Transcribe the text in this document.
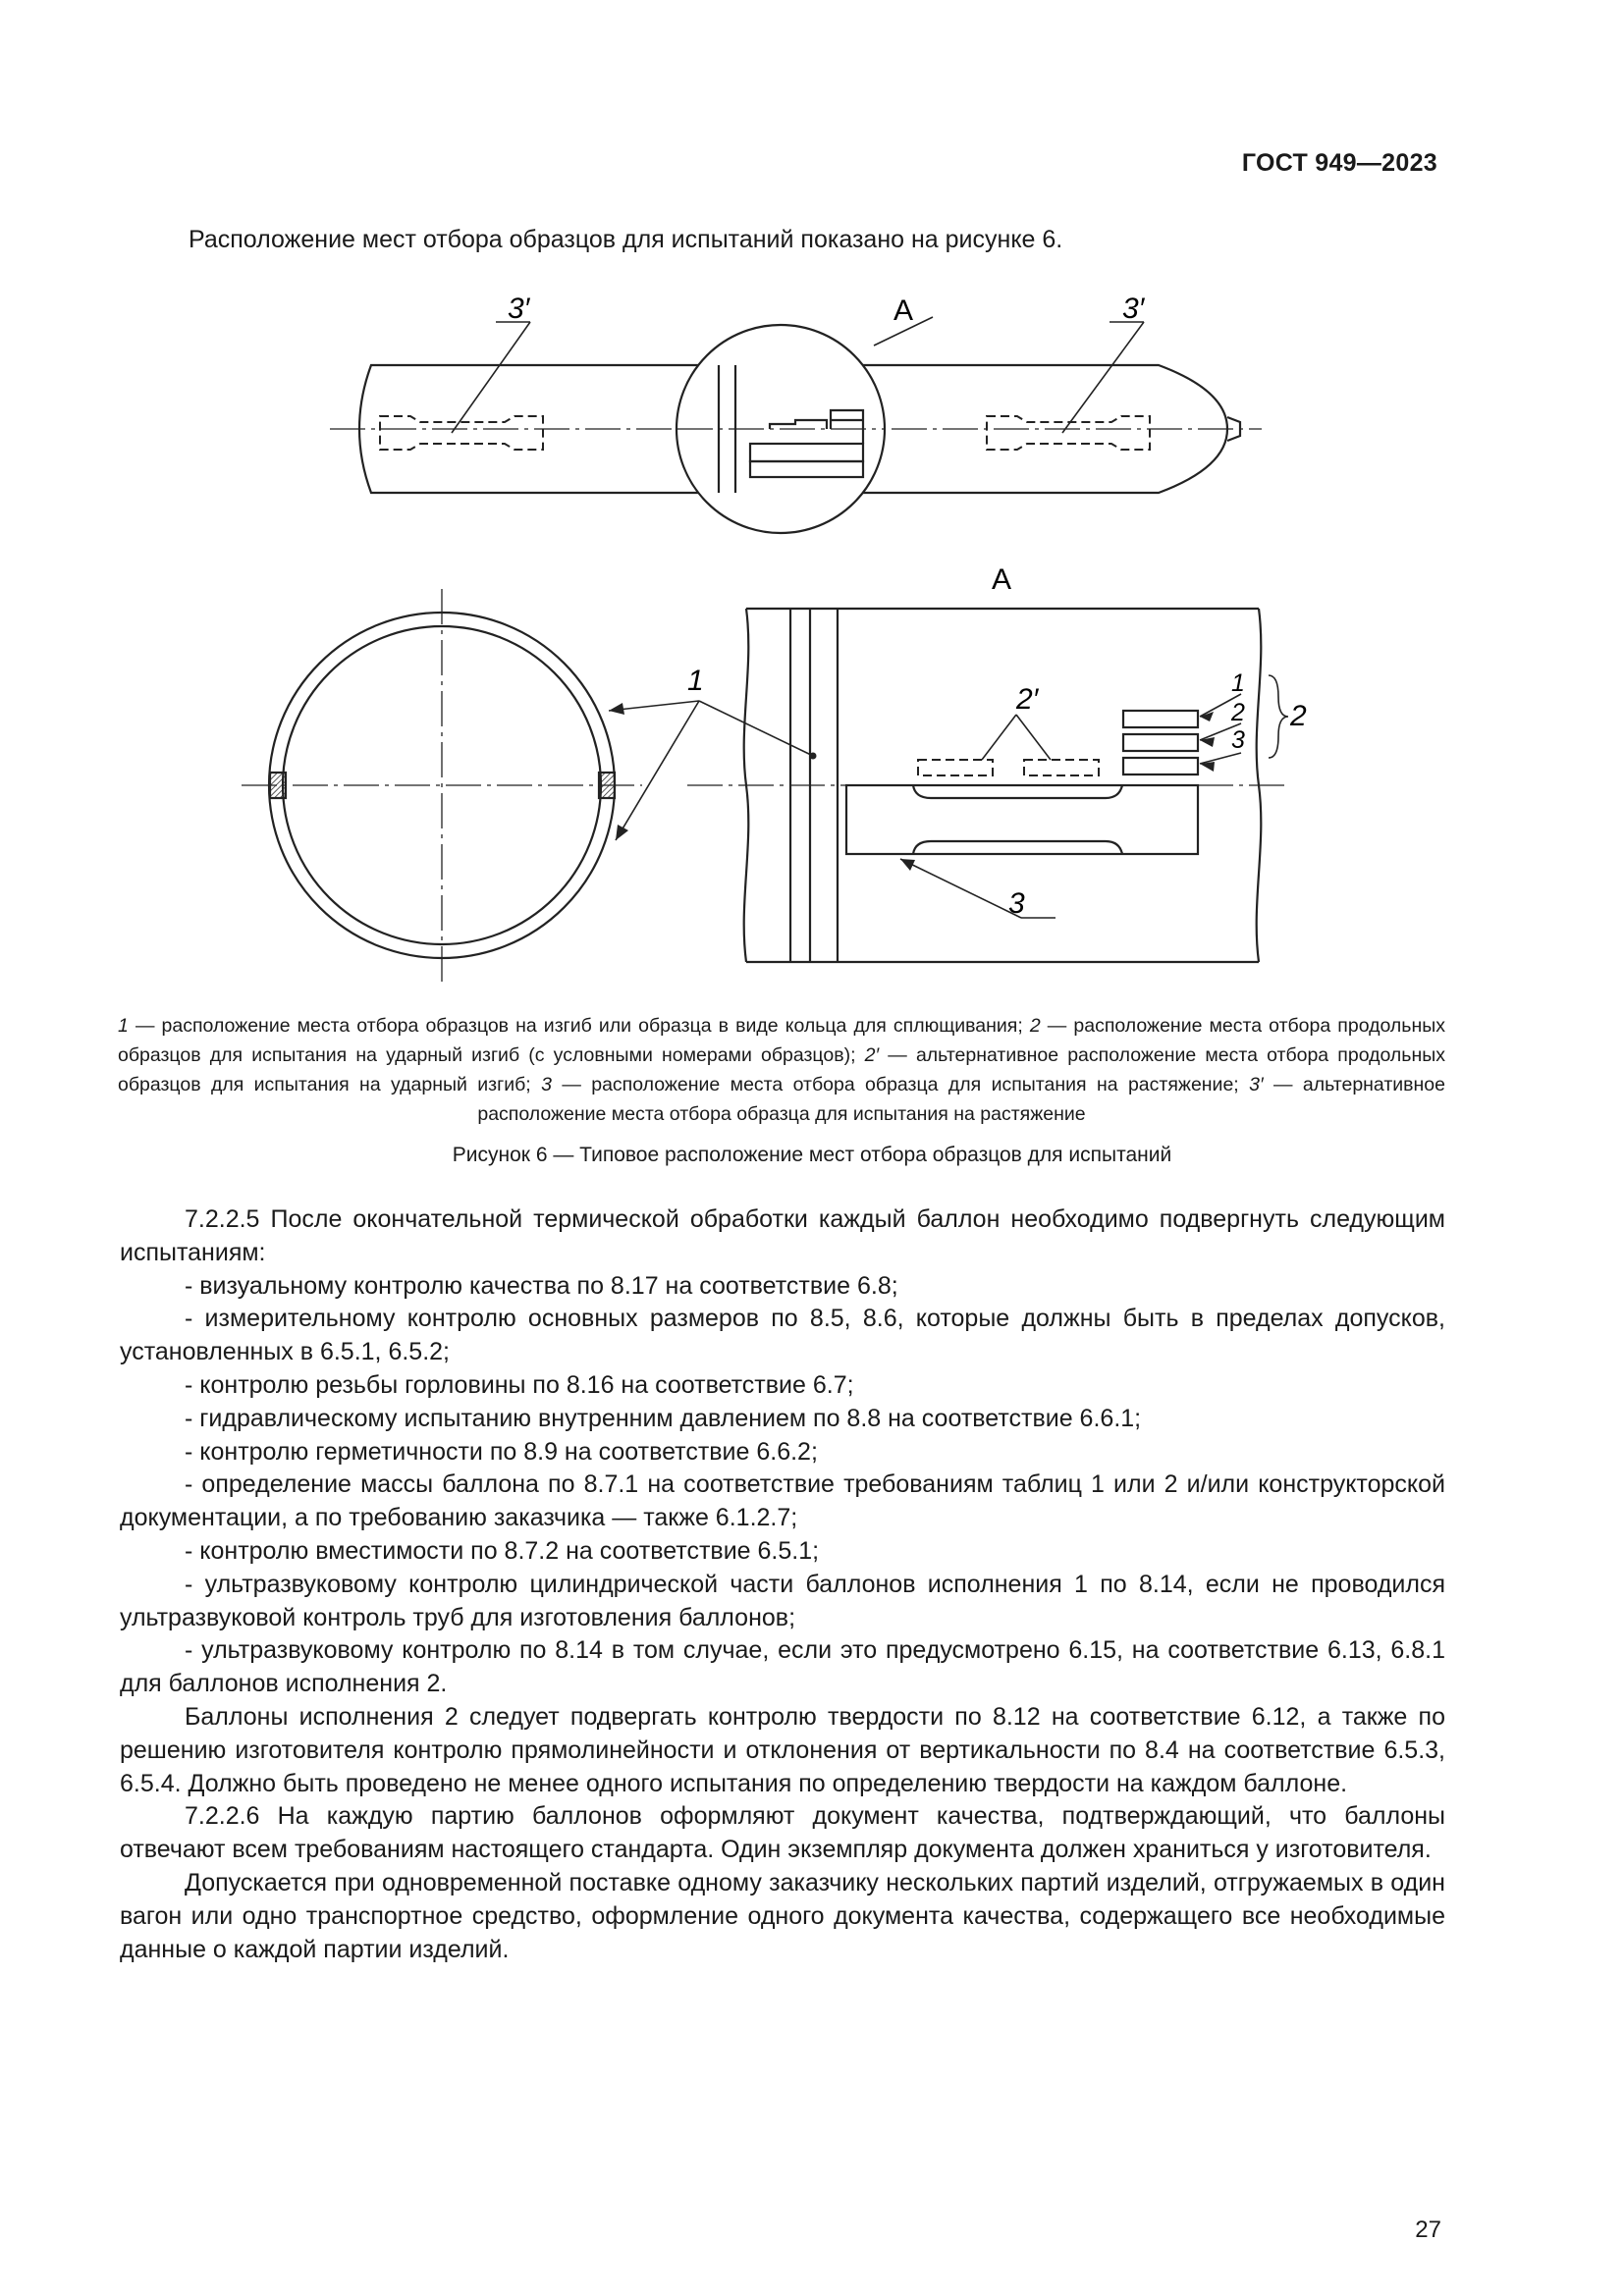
ГОСТ 949—2023
Расположение мест отбора образцов для испытаний показано на рисунке 6.
3′	A	3′
A
1
2′	1
2
3
2
3
1 — расположение места отбора образцов на изгиб или образца в виде кольца для сплющивания; 2 — расположение места отбора продольных образцов для испытания на ударный изгиб (с условными номерами образцов); 2′ — альтернативное расположение места отбора продольных образцов для испытания на ударный изгиб; 3 — расположение места отбора образца для испытания на растяжение; 3′ — альтернативное расположение места отбора образца для испытания на растяжение
Рисунок 6 — Типовое расположение мест отбора образцов для испытаний

7.2.2.5 После окончательной термической обработки каждый баллон необходимо подвергнуть следующим испытаниям:

- визуальному контролю качества по 8.17 на соответствие 6.8;

- измерительному контролю основных размеров по 8.5, 8.6, которые должны быть в пределах допусков, установленных в 6.5.1, 6.5.2;

- контролю резьбы горловины по 8.16 на соответствие 6.7;

- гидравлическому испытанию внутренним давлением по 8.8 на соответствие 6.6.1;

- контролю герметичности по 8.9 на соответствие 6.6.2;

- определение массы баллона по 8.7.1 на соответствие требованиям таблиц 1 или 2 и/или конструкторской документации, а по требованию заказчика — также 6.1.2.7;

- контролю вместимости по 8.7.2 на соответствие 6.5.1;

- ультразвуковому контролю цилиндрической части баллонов исполнения 1 по 8.14, если не проводился ультразвуковой контроль труб для изготовления баллонов;

- ультразвуковому контролю по 8.14 в том случае, если это предусмотрено 6.15, на соответствие 6.13, 6.8.1 для баллонов исполнения 2.

Баллоны исполнения 2 следует подвергать контролю твердости по 8.12 на соответствие 6.12, а также по решению изготовителя контролю прямолинейности и отклонения от вертикальности по 8.4 на соответствие 6.5.3, 6.5.4. Должно быть проведено не менее одного испытания по определению твердости на каждом баллоне.

7.2.2.6 На каждую партию баллонов оформляют документ качества, подтверждающий, что баллоны отвечают всем требованиям настоящего стандарта. Один экземпляр документа должен храниться у изготовителя.

Допускается при одновременной поставке одному заказчику нескольких партий изделий, отгружаемых в один вагон или одно транспортное средство, оформление одного документа качества, содержащего все необходимые данные о каждой партии изделий.

27
